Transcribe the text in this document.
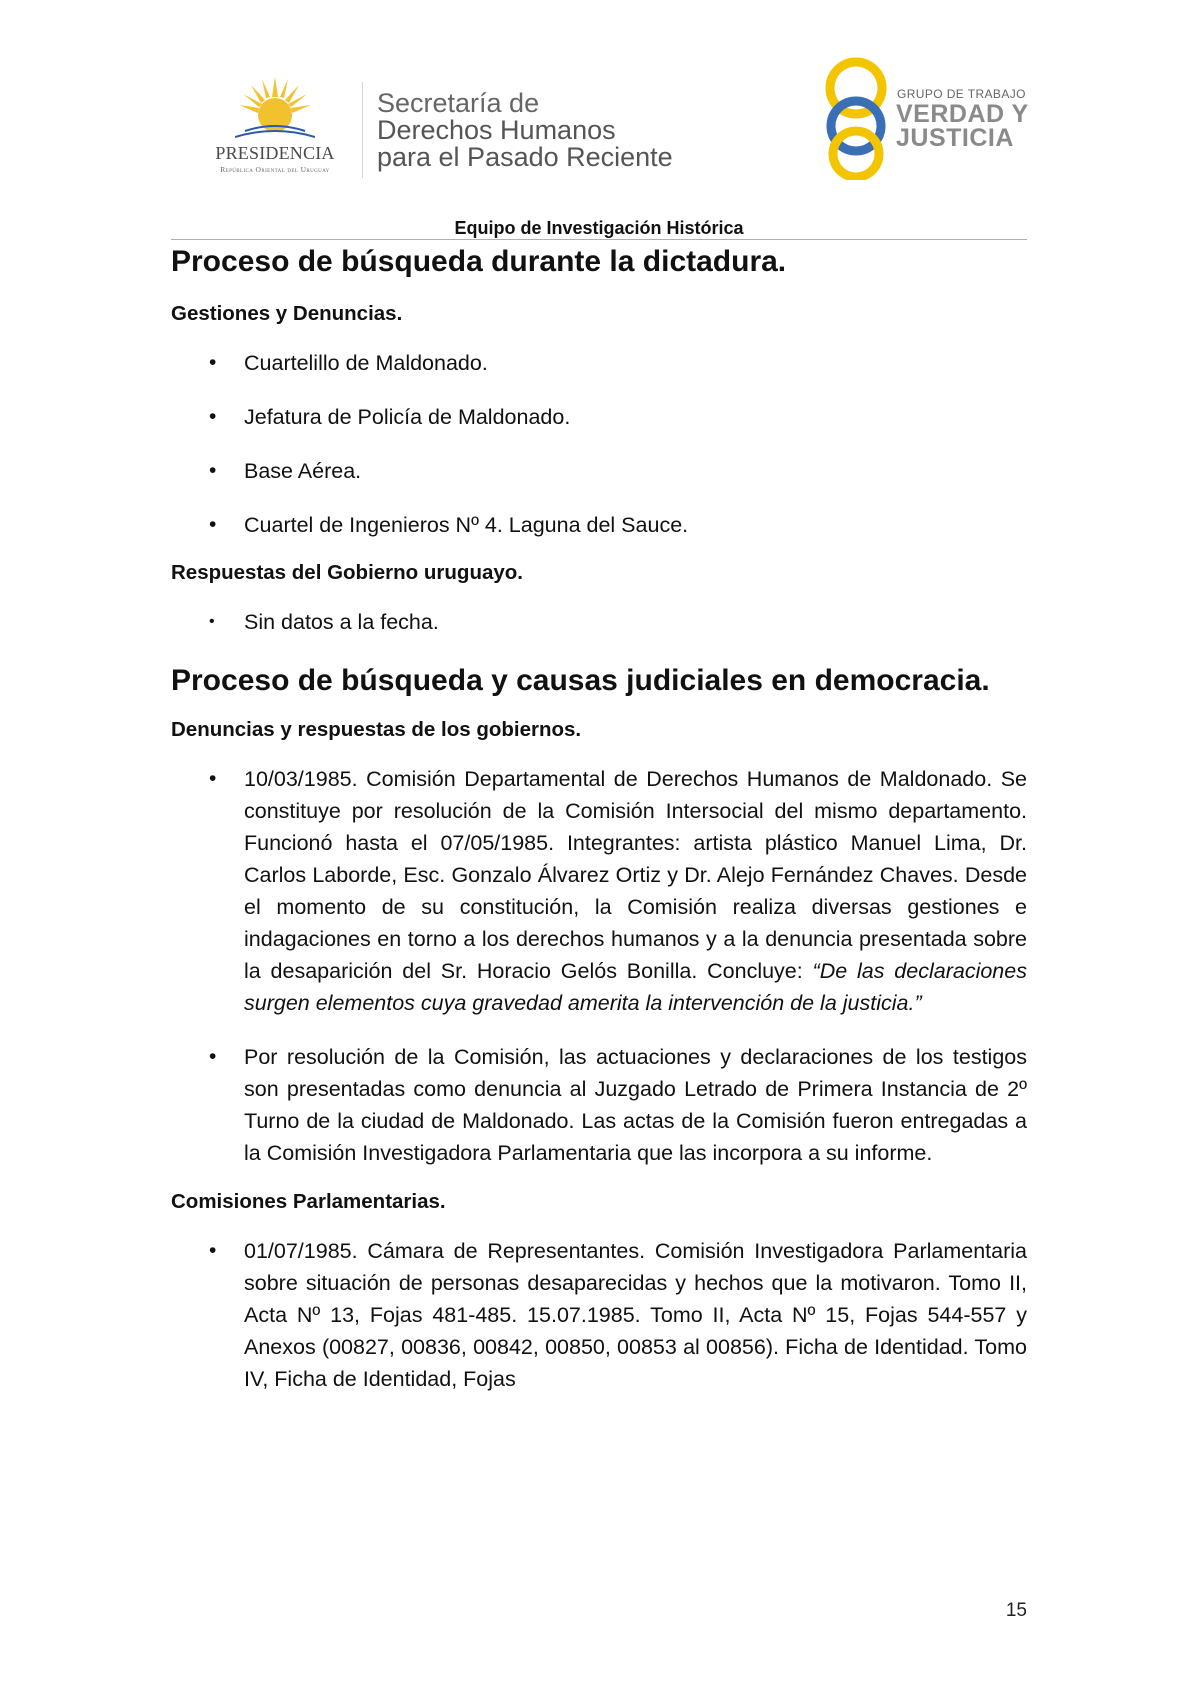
PRESIDENCIA
República Oriental del Uruguay
Secretaría de
Derechos Humanos
para el Pasado Reciente
GRUPO DE TRABAJO
VERDAD Y
JUSTICIA
Equipo de Investigación Histórica
Proceso de búsqueda durante la dictadura.
Gestiones y Denuncias.
• Cuartelillo de Maldonado.
• Jefatura de Policía de Maldonado.
• Base Aérea.
• Cuartel de Ingenieros Nº 4. Laguna del Sauce.
Respuestas del Gobierno uruguayo.
• Sin datos a la fecha.
Proceso de búsqueda y causas judiciales en democracia.
Denuncias y respuestas de los gobiernos.
• 10/03/1985. Comisión Departamental de Derechos Humanos de Maldonado. Se constituye por resolución de la Comisión Intersocial del mismo departamento. Funcionó hasta el 07/05/1985. Integrantes: artista plástico Manuel Lima, Dr. Carlos Laborde, Esc. Gonzalo Álvarez Ortiz y Dr. Alejo Fernández Chaves. Desde el momento de su constitución, la Comisión realiza diversas gestiones e indagaciones en torno a los derechos humanos y a la denuncia presentada sobre la desaparición del Sr. Horacio Gelós Bonilla. Concluye: “De las declaraciones surgen elementos cuya gravedad amerita la intervención de la justicia.”
• Por resolución de la Comisión, las actuaciones y declaraciones de los testigos son presentadas como denuncia al Juzgado Letrado de Primera Instancia de 2º Turno de la ciudad de Maldonado. Las actas de la Comisión fueron entregadas a la Comisión Investigadora Parlamentaria que las incorpora a su informe.
Comisiones Parlamentarias.
• 01/07/1985. Cámara de Representantes. Comisión Investigadora Parlamentaria sobre situación de personas desaparecidas y hechos que la motivaron. Tomo II, Acta Nº 13, Fojas 481-485. 15.07.1985. Tomo II, Acta Nº 15, Fojas 544-557 y Anexos (00827, 00836, 00842, 00850, 00853 al 00856). Ficha de Identidad. Tomo IV, Ficha de Identidad, Fojas
15
